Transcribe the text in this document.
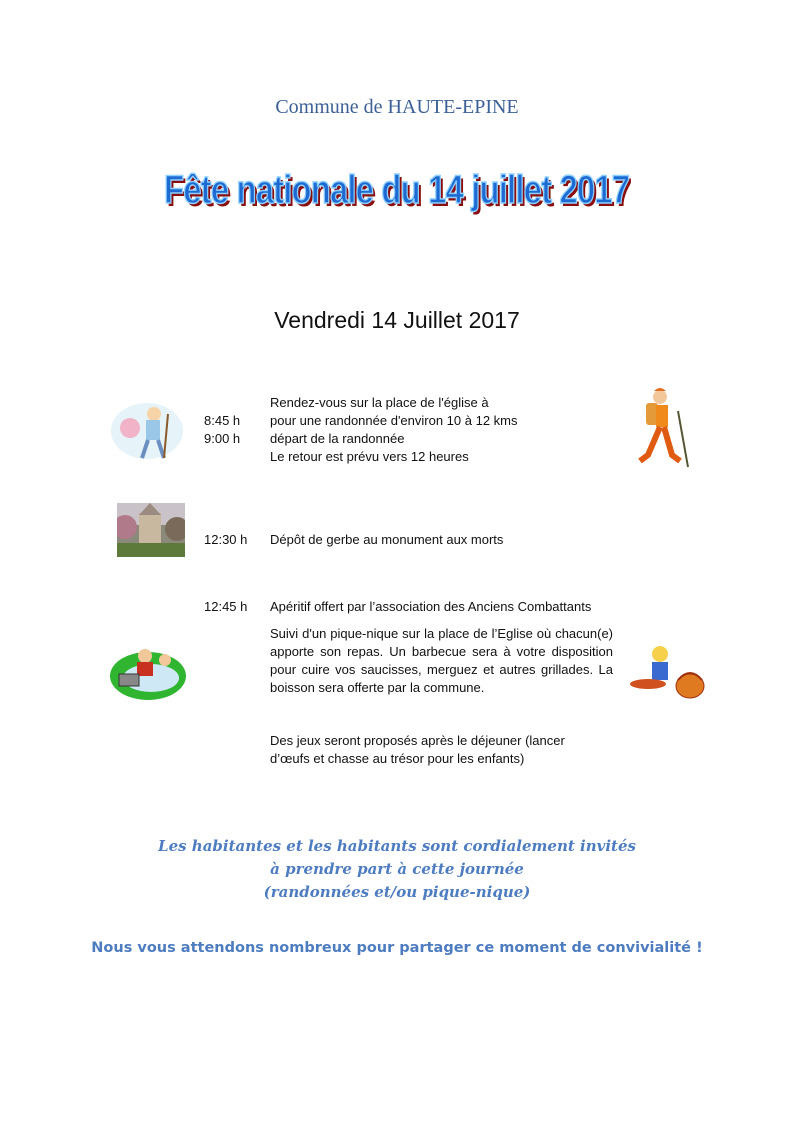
Commune de HAUTE-EPINE
Fête nationale du 14 juillet 2017
Vendredi 14 Juillet 2017
8:45 h
9:00 h
Rendez-vous sur la place de l'église à
pour une randonnée d'environ 10 à 12 kms
départ de la randonnée
Le retour est prévu vers 12 heures
12:30 h Dépôt de gerbe au monument aux morts
12:45 h Apéritif offert par l’association des Anciens Combattants
Suivi d'un pique-nique sur la place de l’Eglise où chacun(e) apporte son repas. Un barbecue sera à votre disposition pour cuire vos saucisses, merguez et autres grillades. La boisson sera offerte par la commune.
Des jeux seront proposés après le déjeuner (lancer
d’œufs et chasse au trésor pour les enfants)
Les habitantes et les habitants sont cordialement invités
à prendre part à cette journée
(randonnées et/ou pique-nique)
Nous vous attendons nombreux pour partager ce moment de convivialité !
